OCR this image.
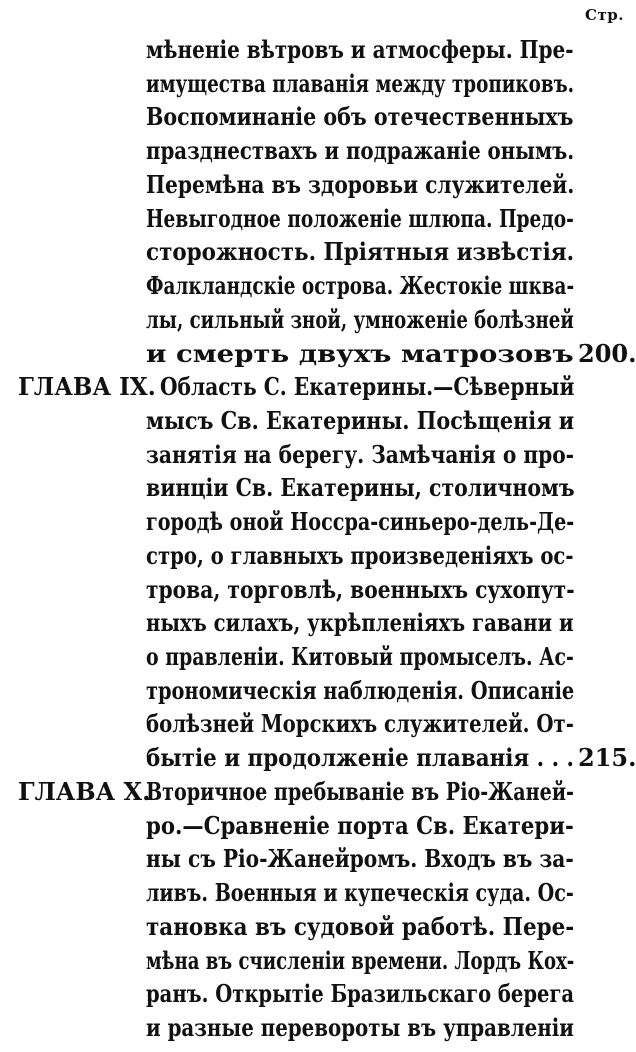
Стр.
мѣненіе вѣтровъ и атмосферы. Пре-
имущества плаванія между тропиковъ.
Воспоминаніе объ отечественныхъ
празднествахъ и подражаніе онымъ.
Перемѣна въ здоровьи служителей.
Невыгодное положеніе шлюпа. Предо-
сторожность. Пріятныя извѣстія.
Фалкландскіе острова. Жестокіе шква-
лы, сильный зной, умноженіе болѣзней
и смерть двухъ матрозовъ 200.
ГЛАВА IX. Область С. Екатерины.—Сѣверный
мысъ Св. Екатерины. Посѣщенія и
занятія на берегу. Замѣчанія о про-
винціи Св. Екатерины, столичномъ
городѣ оной Носсра-синьеро-дель-Де-
стро, о главныхъ произведеніяхъ ос-
трова, торговлѣ, военныхъ сухопут-
ныхъ силахъ, укрѣпленіяхъ гавани и
о правленіи. Китовый промыселъ. Ас-
трономическія наблюденія. Описаніе
болѣзней Морскихъ служителей. От-
бытіе и продолженіе плаванія . . . 215.
ГЛАВА X.
Вторичное пребываніе въ Ріо-Жаней-
ро.—Сравненіе порта Св. Екатери-
ны съ Ріо-Жанейромъ. Входъ въ за-
ливъ. Военныя и купеческія суда. Ос-
тановка въ судовой работѣ. Пере-
мѣна въ счисленіи времени. Лордъ Кох-
ранъ. Открытіе Бразильскаго берега
и разные перевороты въ управленіи
